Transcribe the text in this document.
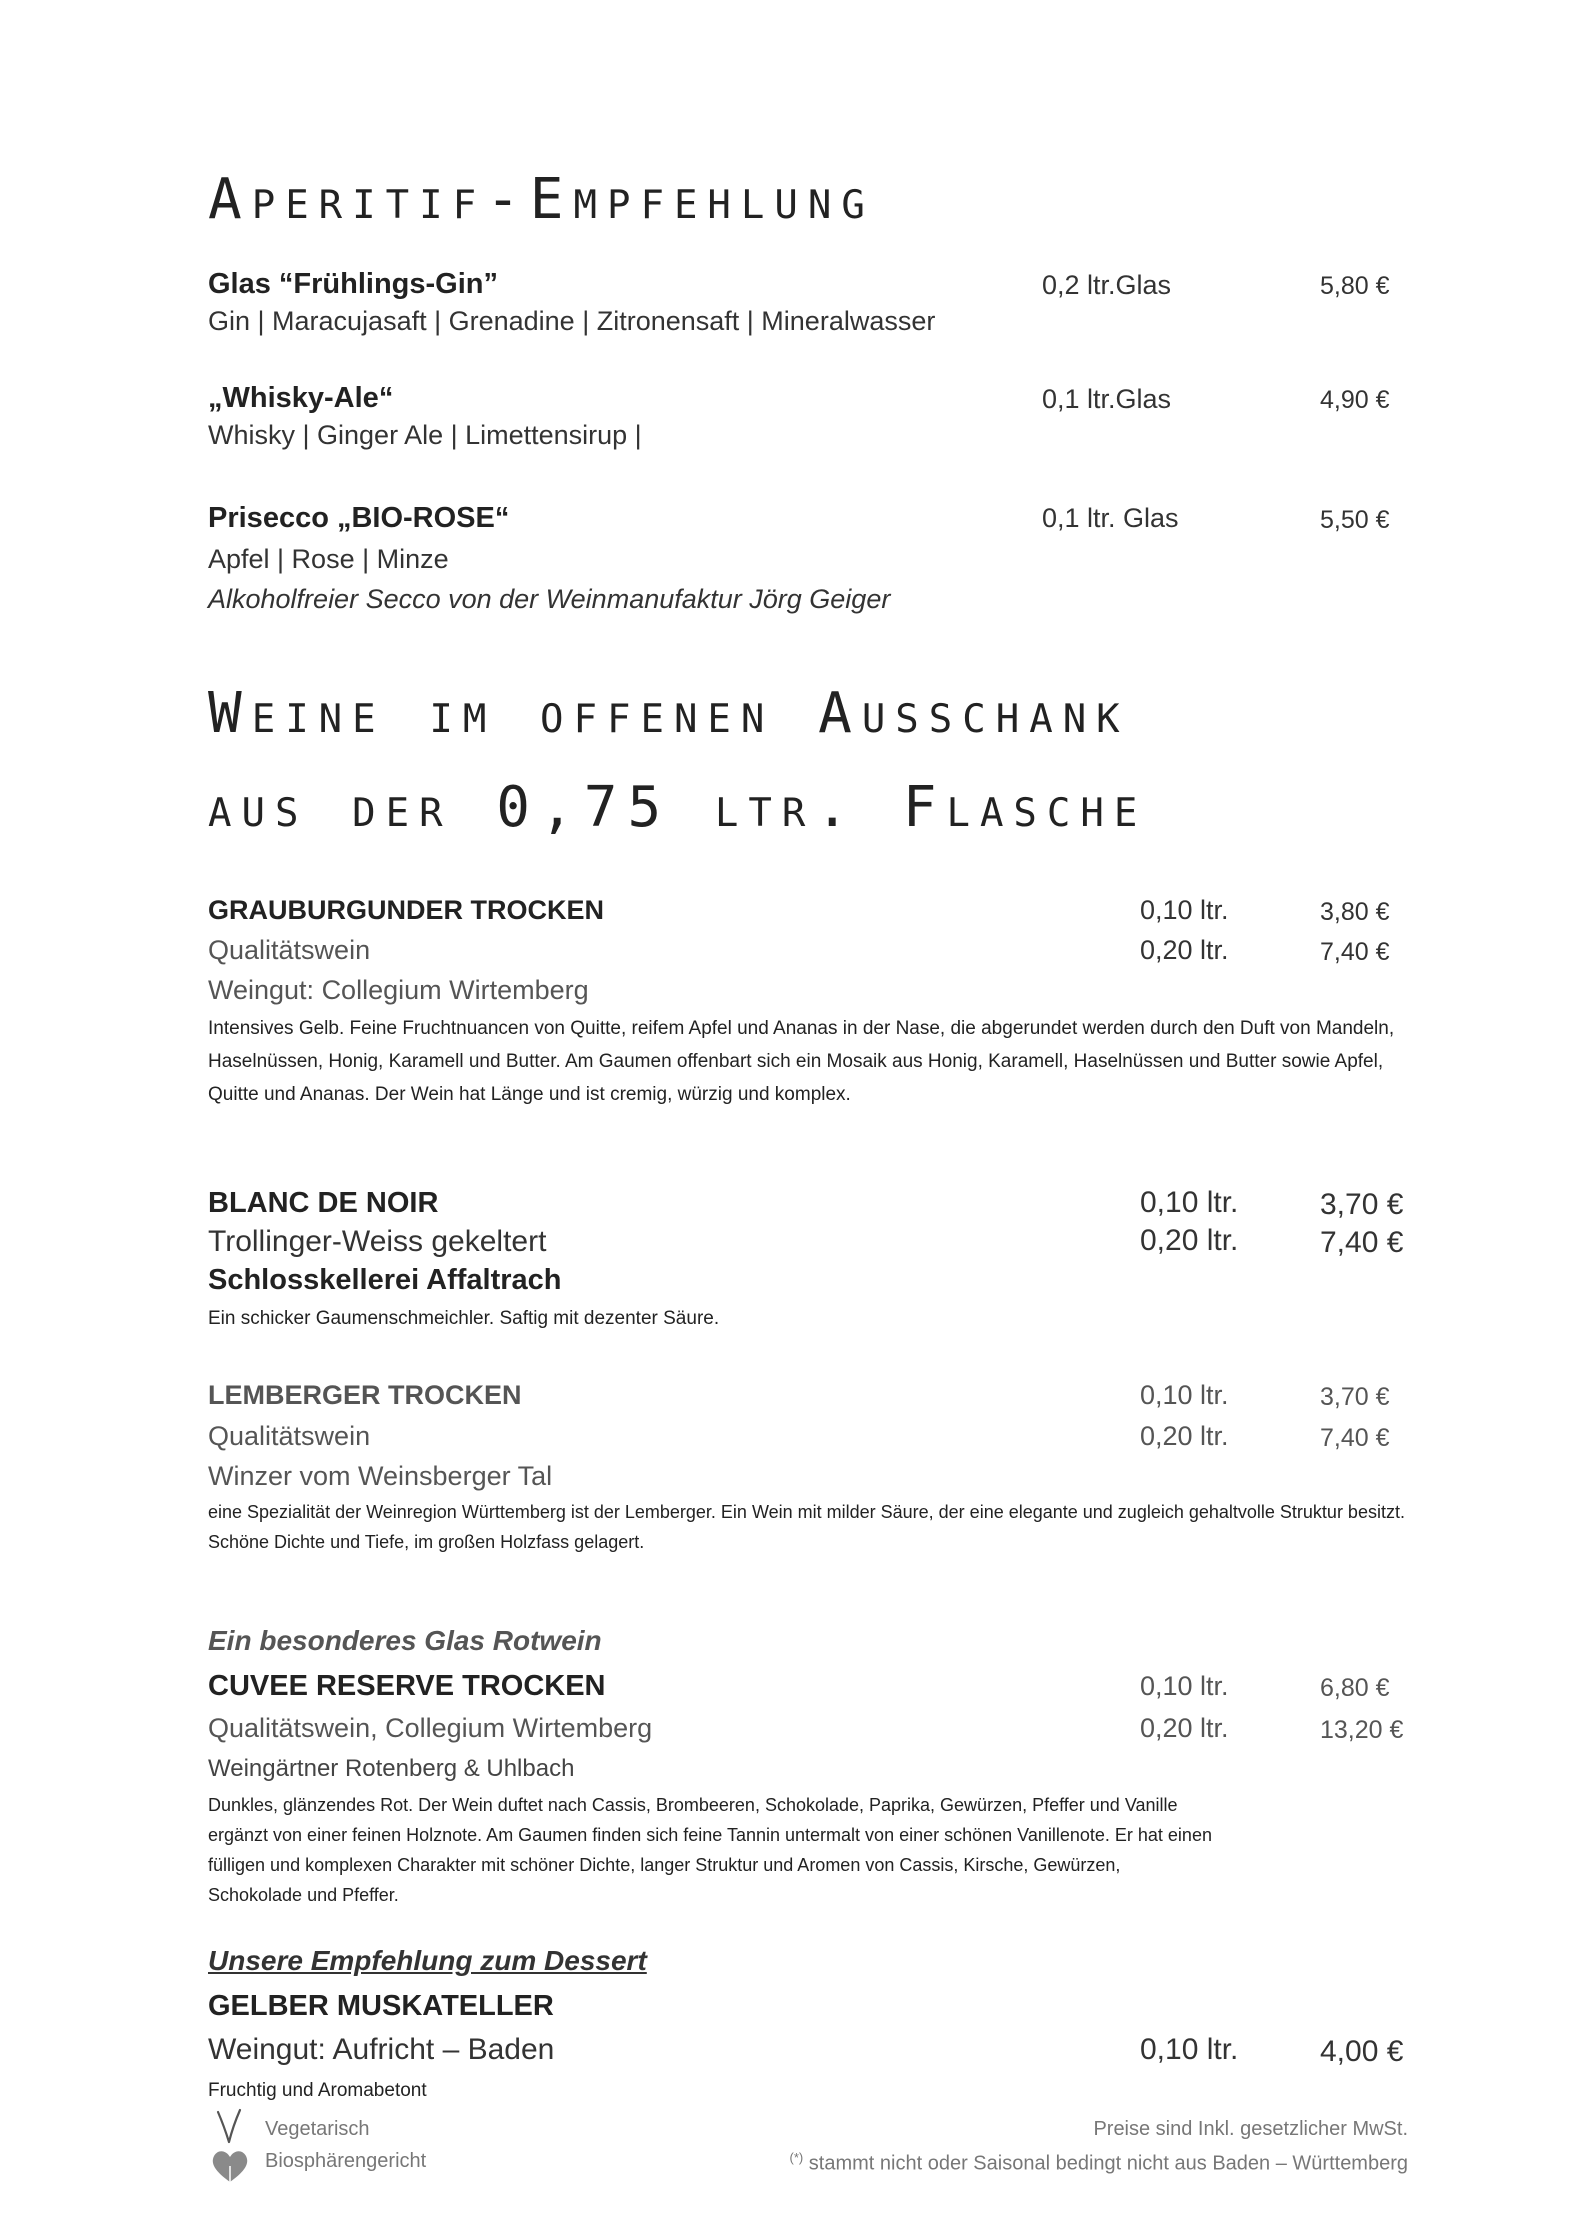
Aperitif-Empfehlung
Glas “Frühlings-Gin”	0,2 ltr.Glas	5,80 €
Gin | Maracujasaft | Grenadine | Zitronensaft | Mineralwasser
„Whisky-Ale“	0,1 ltr.Glas	4,90 €
Whisky | Ginger Ale | Limettensirup |
Prisecco „BIO-ROSE“	0,1 ltr. Glas	5,50 €
Apfel | Rose | Minze
Alkoholfreier Secco von der Weinmanufaktur Jörg Geiger
Weine im offenen Ausschank
aus der 0,75 ltr. Flasche
GRAUBURGUNDER TROCKEN	0,10 ltr.	3,80 €
Qualitätswein	0,20 ltr.	7,40 €
Weingut: Collegium Wirtemberg
Intensives Gelb. Feine Fruchtnuancen von Quitte, reifem Apfel und Ananas in der Nase, die abgerundet werden durch den Duft von Mandeln, Haselnüssen, Honig, Karamell und Butter. Am Gaumen offenbart sich ein Mosaik aus Honig, Karamell, Haselnüssen und Butter sowie Apfel, Quitte und Ananas. Der Wein hat Länge und ist cremig, würzig und komplex.
BLANC DE NOIR	0,10 ltr.	3,70 €
Trollinger-Weiss gekeltert	0,20 ltr.	7,40 €
Schlosskellerei Affaltrach
Ein schicker Gaumenschmeichler. Saftig mit dezenter Säure.
LEMBERGER TROCKEN	0,10 ltr.	3,70 €
Qualitätswein	0,20 ltr.	7,40 €
Winzer vom Weinsberger Tal
eine Spezialität der Weinregion Württemberg ist der Lemberger. Ein Wein mit milder Säure, der eine elegante und zugleich gehaltvolle Struktur besitzt. Schöne Dichte und Tiefe, im großen Holzfass gelagert.
Ein besonderes Glas Rotwein
CUVEE RESERVE TROCKEN	0,10 ltr.	6,80 €
Qualitätswein, Collegium Wirtemberg	0,20 ltr.	13,20 €
Weingärtner Rotenberg & Uhlbach
Dunkles, glänzendes Rot. Der Wein duftet nach Cassis, Brombeeren, Schokolade, Paprika, Gewürzen, Pfeffer und Vanille ergänzt von einer feinen Holznote. Am Gaumen finden sich feine Tannin untermalt von einer schönen Vanillenote. Er hat einen fülligen und komplexen Charakter mit schöner Dichte, langer Struktur und Aromen von Cassis, Kirsche, Gewürzen, Schokolade und Pfeffer.
Unsere Empfehlung zum Dessert
GELBER MUSKATELLER
Weingut: Aufricht – Baden	0,10 ltr.	4,00 €
Fruchtig und Aromabetont
Vegetarisch
Biosphärengericht
Preise sind Inkl. gesetzlicher MwSt.
(*) stammt nicht oder Saisonal bedingt nicht aus Baden – Württemberg
